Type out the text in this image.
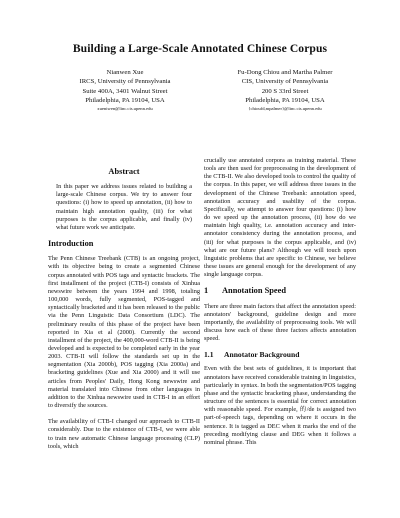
Building a Large-Scale Annotated Chinese Corpus
Nianwen Xue
IRCS, University of Pennsylvania
Suite 400A, 3401 Walnut Street
Philadelphia, PA 19104, USA
xueniwen@linc.cis.upenn.edu
Fu-Dong Chiou and Martha Palmer
CIS, University of Pennsylvania
200 S 33rd Street
Philadelphia, PA 19104, USA
{chioufd,mpalmer}@linc.cis.upenn.edu
Abstract

In this paper we address issues related to building a large-scale Chinese corpus. We try to answer four questions: (i) how to speed up annotation, (ii) how to maintain high annotation quality, (iii) for what purposes is the corpus applicable, and finally (iv) what future work we anticipate.

Introduction

The Penn Chinese Treebank (CTB) is an ongoing project, with its objective being to create a segmented Chinese corpus annotated with POS tags and syntactic brackets. The first installment of the project (CTB-I) consists of Xinhua newswire between the years 1994 and 1998, totaling 100,000 words, fully segmented, POS-tagged and syntactically bracketed and it has been released to the public via the Penn Linguistic Data Consortium (LDC). The preliminary results of this phase of the project have been reported in Xia et al (2000). Currently the second installment of the project, the 400,000-word CTB-II is being developed and is expected to be completed early in the year 2003. CTB-II will follow the standards set up in the segmentation (Xia 2000b), POS tagging (Xia 2000a) and bracketing guidelines (Xue and Xia 2000) and it will use articles from Peoples' Daily, Hong Kong newswire and material translated into Chinese from other languages in addition to the Xinhua newswire used in CTB-I in an effort to diversify the sources.

The availability of CTB-I changed our approach to CTB-II considerably. Due to the existence of CTB-I, we were able to train new automatic Chinese language processing (CLP) tools, which

crucially use annotated corpora as training material. These tools are then used for preprocessing in the development of the CTB-II. We also developed tools to control the quality of the corpus. In this paper, we will address three issues in the development of the Chinese Treebank: annotation speed, annotation accuracy and usability of the corpus. Specifically, we attempt to answer four questions: (i) how do we speed up the annotation process, (ii) how do we maintain high quality, i.e. annotation accuracy and inter-annotator consistency during the annotation process, and (iii) for what purposes is the corpus applicable, and (iv) what are our future plans? Although we will touch upon linguistic problems that are specific to Chinese, we believe these issues are general enough for the development of any single language corpus.

1 Annotation Speed

There are three main factors that affect the annotation speed: annotators' background, guideline design and more importantly, the availability of preprocessing tools. We will discuss how each of these three factors affects annotation speed.

1.1 Annotator Background

Even with the best sets of guidelines, it is important that annotators have received considerable training in linguistics, particularly in syntax. In both the segmentation/POS tagging phase and the syntactic bracketing phase, understanding the structure of the sentences is essential for correct annotation with reasonable speed. For example, 的/de is assigned two part-of-speech tags, depending on where it occurs in the sentence. It is tagged as DEC when it marks the end of the preceding modifying clause and DEG when it follows a nominal phrase. This
